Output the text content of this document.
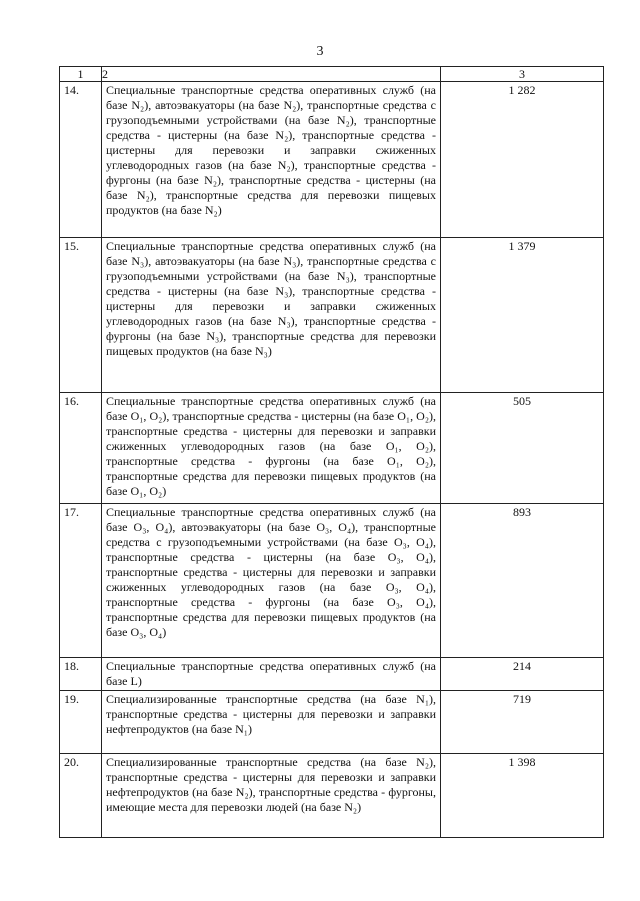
3
1	2	3

14.	Специальные транспортные средства оперативных служб (на базе N₂), автоэвакуаторы (на базе N₂), транспортные средства с грузоподъемными устройствами (на базе N₂), транспортные средства - цистерны (на базе N₂), транспортные средства - цистерны для перевозки и заправки сжиженных углеводородных газов (на базе N₂), транспортные средства - фургоны (на базе N₂), транспортные средства - цистерны (на базе N₂), транспортные средства для перевозки пищевых продуктов (на базе N₂)	1 282

15.	Специальные транспортные средства оперативных служб (на базе N₃), автоэвакуаторы (на базе N₃), транспортные средства с грузоподъемными устройствами (на базе N₃), транспортные средства - цистерны (на базе N₃), транспортные средства - цистерны для перевозки и заправки сжиженных углеводородных газов (на базе N₃), транспортные средства - фургоны (на базе N₃), транспортные средства для перевозки пищевых продуктов (на базе N₃)	1 379

16.	Специальные транспортные средства оперативных служб (на базе O₁, O₂), транспортные средства - цистерны (на базе O₁, O₂), транспортные средства - цистерны для перевозки и заправки сжиженных углеводородных газов (на базе O₁, O₂), транспортные средства - фургоны (на базе O₁, O₂), транспортные средства для перевозки пищевых продуктов (на базе O₁, O₂)	505

17.	Специальные транспортные средства оперативных служб (на базе O₃, O₄), автоэвакуаторы (на базе O₃, O₄), транспортные средства с грузоподъемными устройствами (на базе O₃, O₄), транспортные средства - цистерны (на базе O₃, O₄), транспортные средства - цистерны для перевозки и заправки сжиженных углеводородных газов (на базе O₃, O₄), транспортные средства - фургоны (на базе O₃, O₄), транспортные средства для перевозки пищевых продуктов (на базе O₃, O₄)	893

18.	Специальные транспортные средства оперативных служб (на базе L)	214

19.	Специализированные транспортные средства (на базе N₁), транспортные средства - цистерны для перевозки и заправки нефтепродуктов (на базе N₁)	719

20.	Специализированные транспортные средства (на базе N₂), транспортные средства - цистерны для перевозки и заправки нефтепродуктов (на базе N₂), транспортные средства - фургоны, имеющие места для перевозки людей (на базе N₂)	1 398
